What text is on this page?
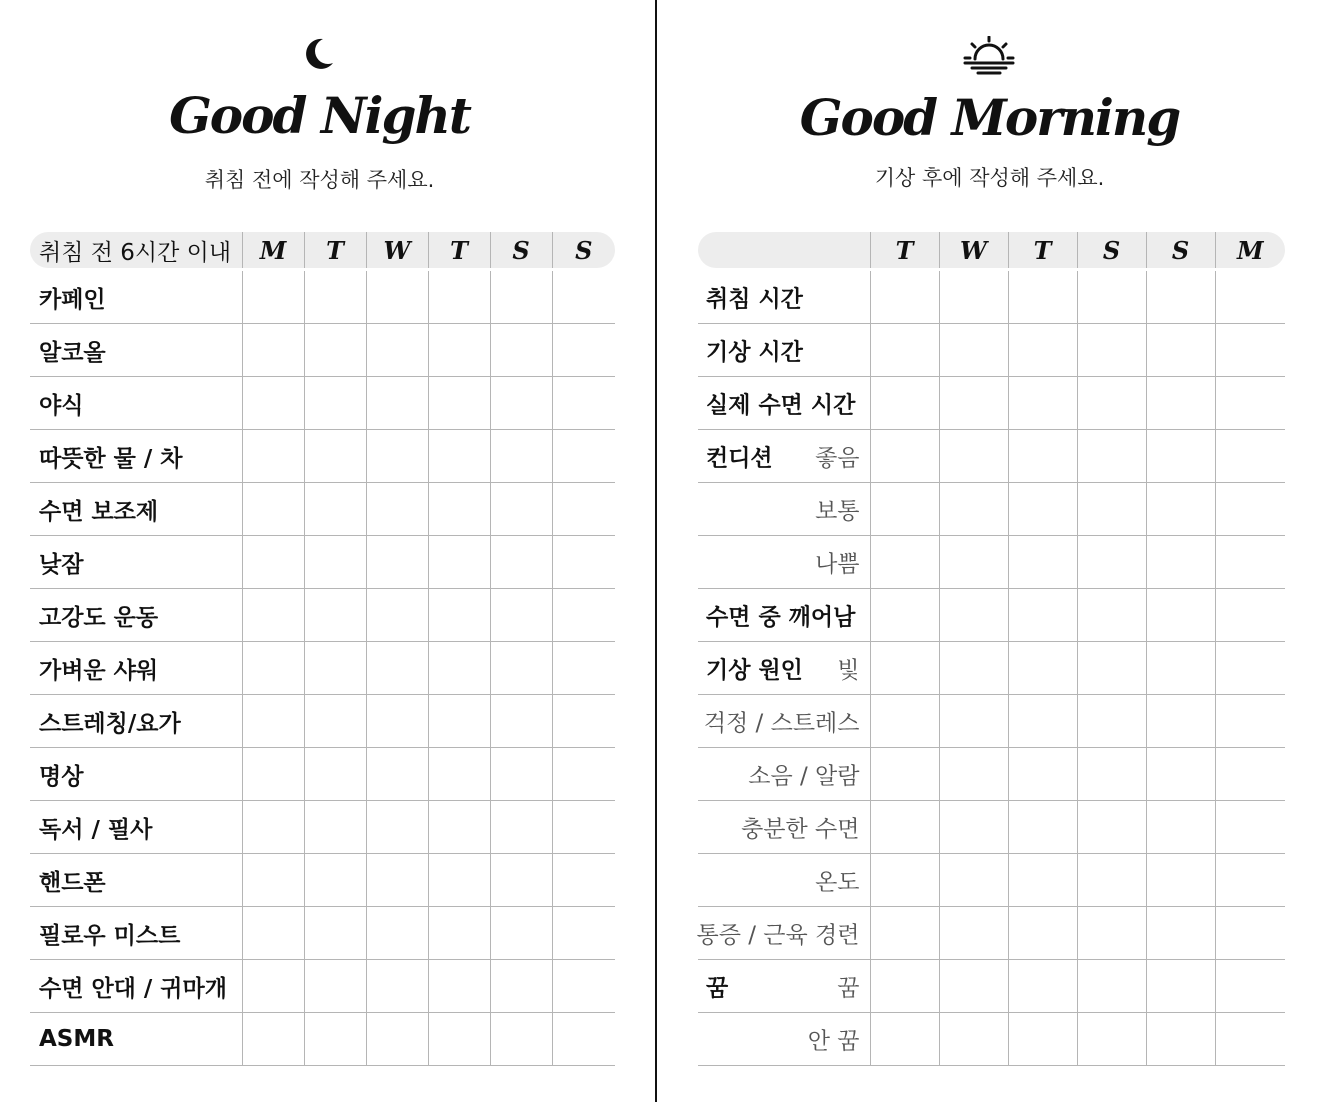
Good Night
취침 전에 작성해 주세요.
취침 전 6시간 이내	M	T	W	T	S	S

카페인						
알코올						
야식						
따뜻한 물 / 차						
수면 보조제						
낮잠						
고강도 운동						
가벼운 샤워						
스트레칭/요가						
명상						
독서 / 필사						
핸드폰						
필로우 미스트						
수면 안대 / 귀마개						
ASMR						
Good Morning
기상 후에 작성해 주세요.
	T	W	T	S	S	M

취침 시간						

기상 시간						

실제 수면 시간						

컨디션 좋음						

보통						

나쁨						

수면 중 깨어남						

기상 원인 빛						

걱정 / 스트레스						

소음 / 알람						

충분한 수면						

온도						

통증 / 근육 경련						

꿈 꿈						

안 꿈						
